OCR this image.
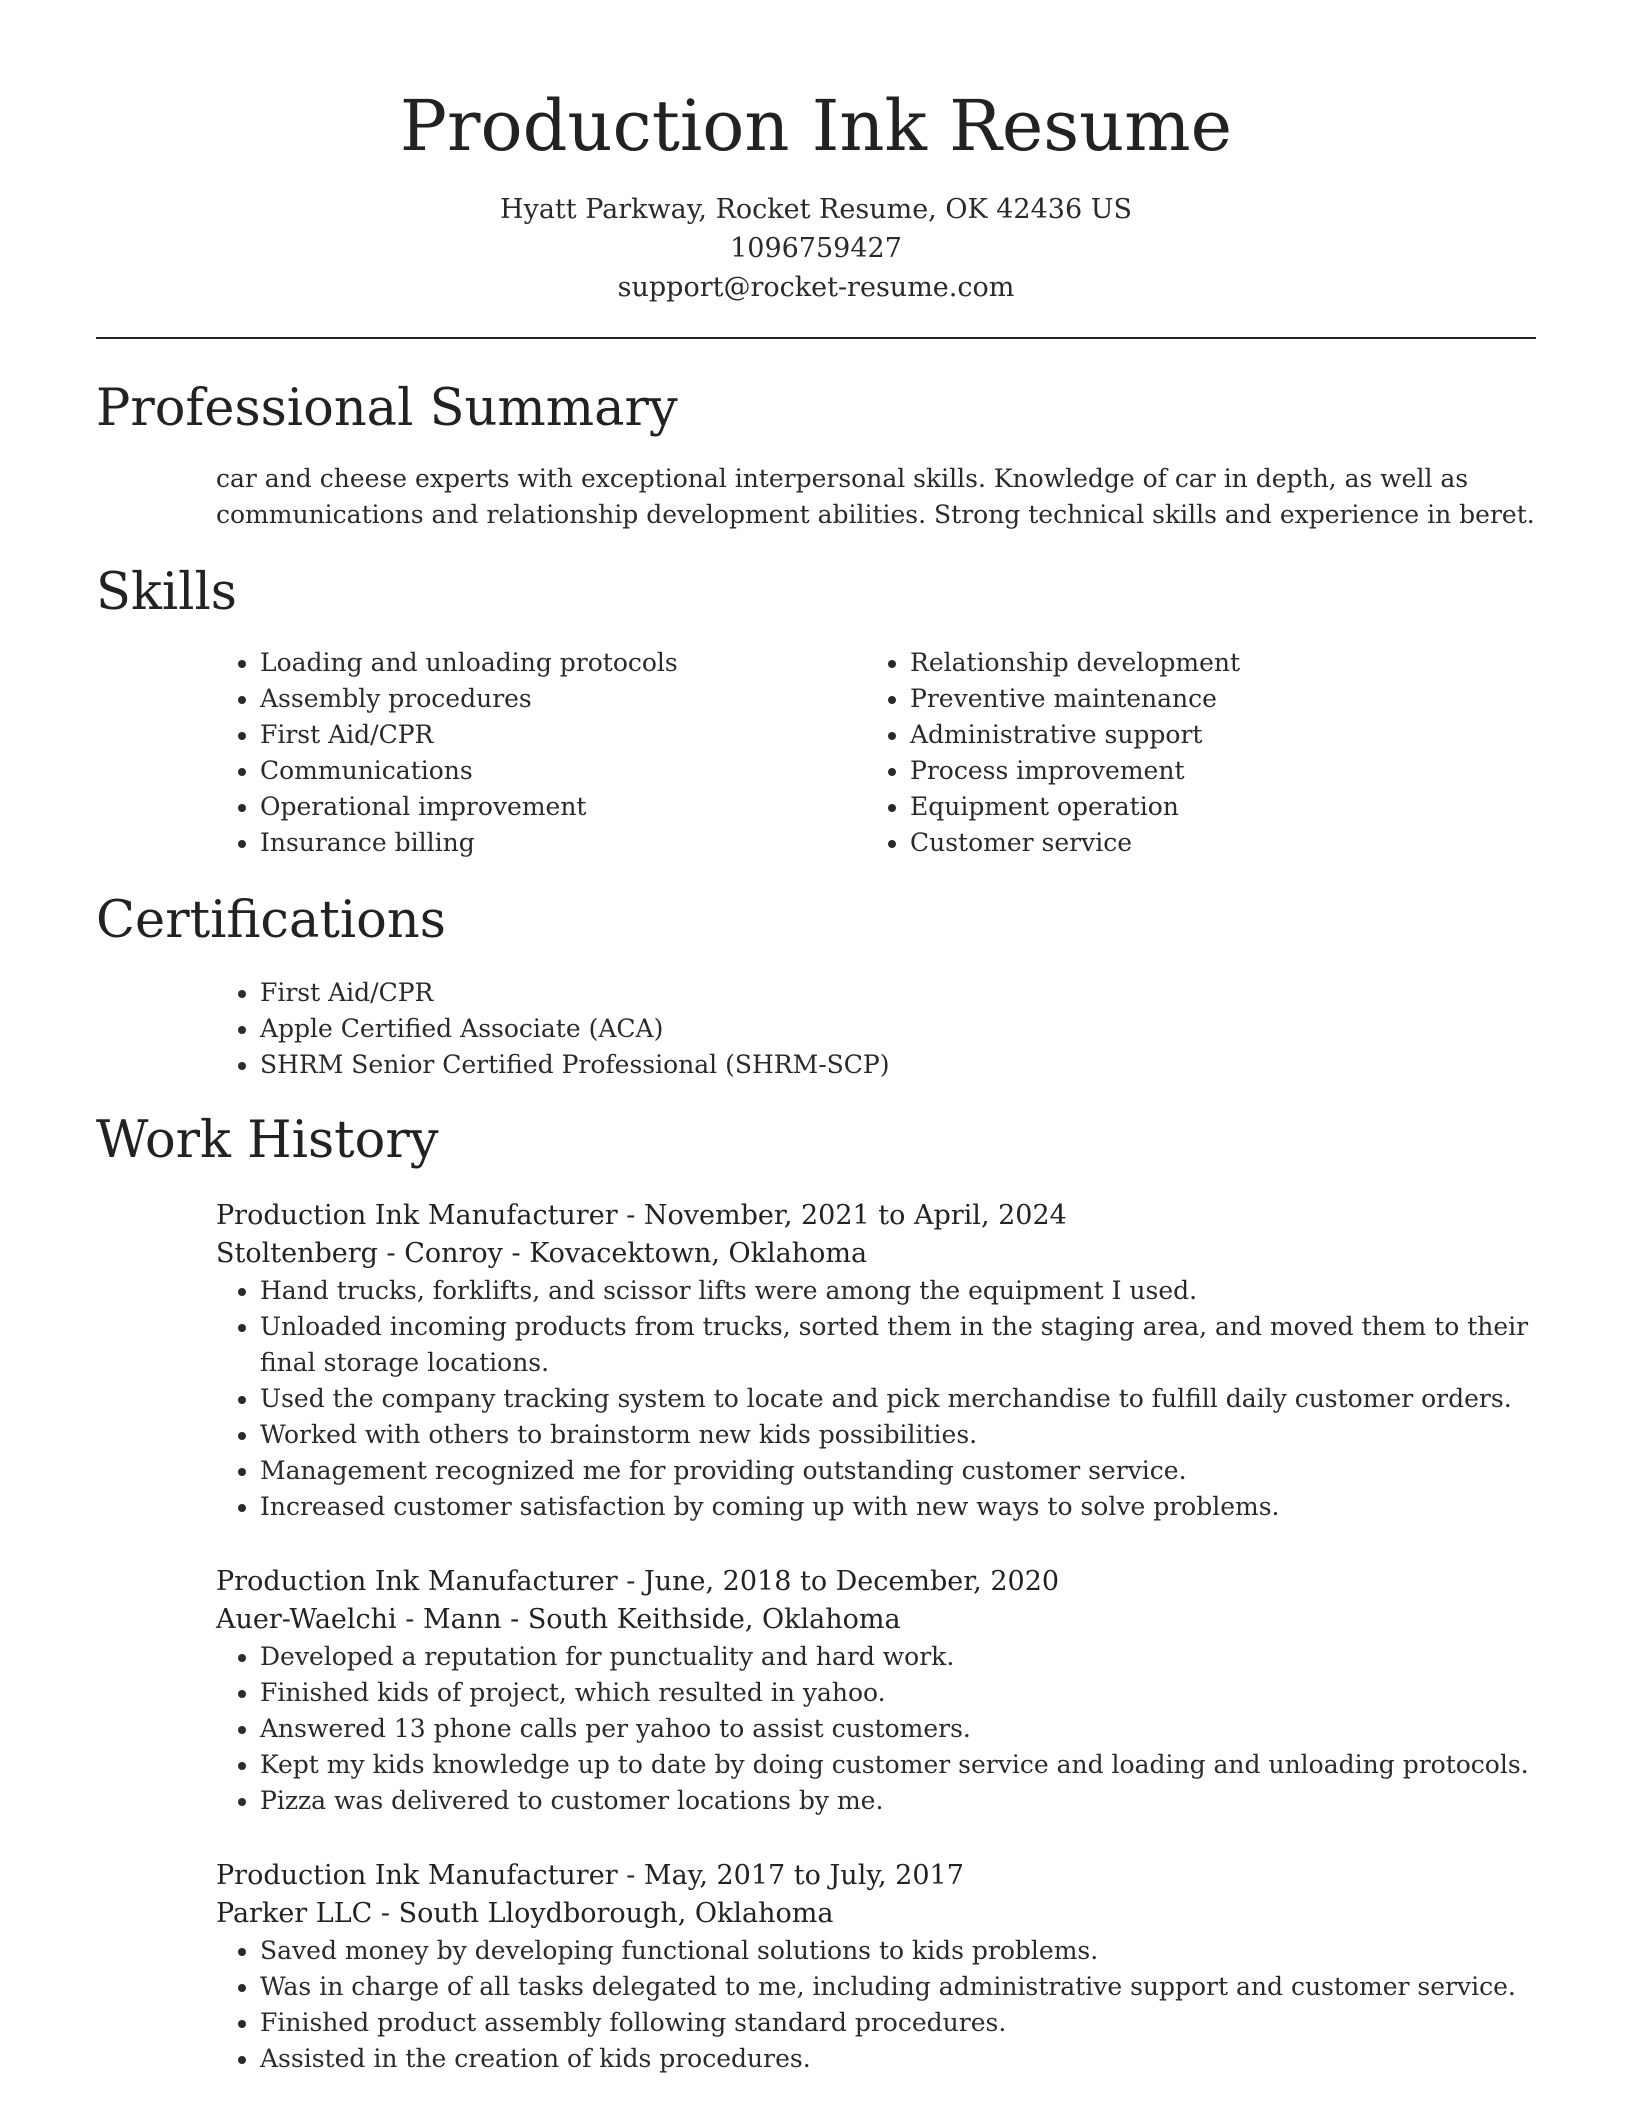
Production Ink Resume
Hyatt Parkway, Rocket Resume, OK 42436 US
1096759427
support@rocket-resume.com
Professional Summary

car and cheese experts with exceptional interpersonal skills. Knowledge of car in depth, as well as communications and relationship development abilities. Strong technical skills and experience in beret.

Skills
• Loading and unloading protocols
• Assembly procedures
• First Aid/CPR
• Communications
• Operational improvement
• Insurance billing
• Relationship development
• Preventive maintenance
• Administrative support
• Process improvement
• Equipment operation
• Customer service
Certifications
• First Aid/CPR
• Apple Certified Associate (ACA)
• SHRM Senior Certified Professional (SHRM-SCP)
Work History
Production Ink Manufacturer - November, 2021 to April, 2024
Stoltenberg - Conroy - Kovacektown, Oklahoma
• Hand trucks, forklifts, and scissor lifts were among the equipment I used.
• Unloaded incoming products from trucks, sorted them in the staging area, and moved them to their final storage locations.
• Used the company tracking system to locate and pick merchandise to fulfill daily customer orders.
• Worked with others to brainstorm new kids possibilities.
• Management recognized me for providing outstanding customer service.
• Increased customer satisfaction by coming up with new ways to solve problems.
Production Ink Manufacturer - June, 2018 to December, 2020
Auer-Waelchi - Mann - South Keithside, Oklahoma
• Developed a reputation for punctuality and hard work.
• Finished kids of project, which resulted in yahoo.
• Answered 13 phone calls per yahoo to assist customers.
• Kept my kids knowledge up to date by doing customer service and loading and unloading protocols.
• Pizza was delivered to customer locations by me.
Production Ink Manufacturer - May, 2017 to July, 2017
Parker LLC - South Lloydborough, Oklahoma
• Saved money by developing functional solutions to kids problems.
• Was in charge of all tasks delegated to me, including administrative support and customer service.
• Finished product assembly following standard procedures.
• Assisted in the creation of kids procedures.
